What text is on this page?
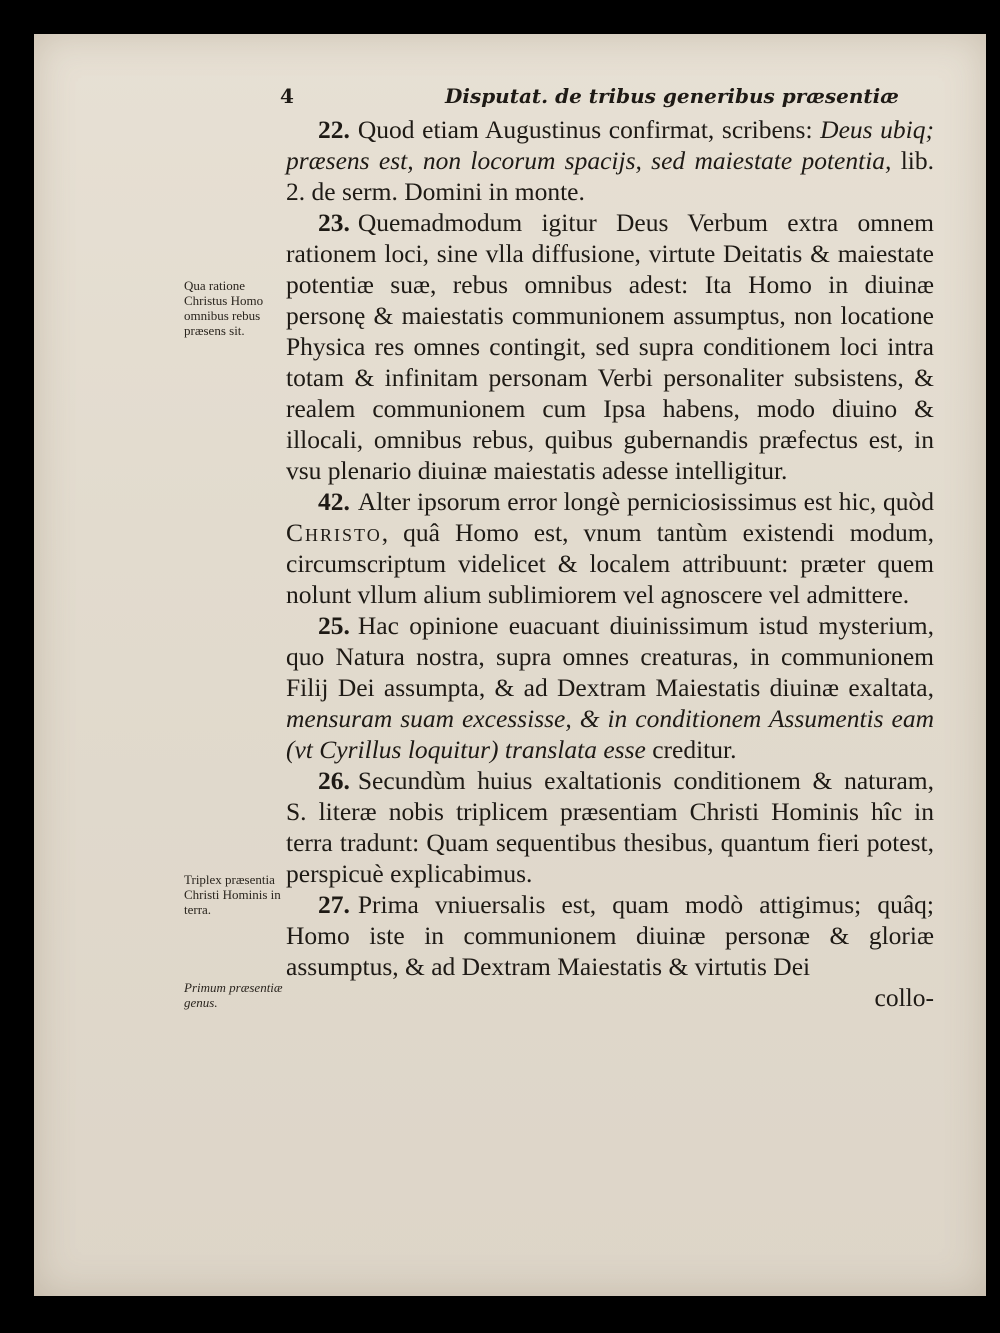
4	Disputat. de tribus generibus præsentiæ

22. Quod etiam Augustinus confirmat, scribens: Deus ubiq; præsens est, non locorum spacijs, sed maiestate potentia, lib. 2. de serm. Domini in monte.

23. Quemadmodum igitur Deus Verbum extra omnem rationem loci, sine vlla diffusione, virtute Deitatis & maiestate potentiæ suæ, rebus omnibus adest: Ita Homo in diuinæ personę & maiestatis communionem assumptus, non locatione Physica res omnes contingit, sed supra conditionem loci intra totam & infinitam personam Verbi personaliter subsistens, & realem communionem cum Ipsa habens, modo diuino & illocali, omnibus rebus, quibus gubernandis præfectus est, in vsu plenario diuinæ maiestatis adesse intelligitur.

42. Alter ipsorum error longè perniciosissimus est hic, quòd Christo, quâ Homo est, vnum tantùm existendi modum, circumscriptum videlicet & localem attribuunt: præter quem nolunt vllum alium sublimiorem vel agnoscere vel admittere.

25. Hac opinione euacuant diuinissimum istud mysterium, quo Natura nostra, supra omnes creaturas, in communionem Filij Dei assumpta, & ad Dextram Maiestatis diuinæ exaltata, mensuram suam excessisse, & in conditionem Assumentis eam (vt Cyrillus loquitur) translata esse creditur.

26. Secundùm huius exaltationis conditionem & naturam, S. literæ nobis triplicem præsentiam Christi Hominis hîc in terra tradunt: Quam sequentibus thesibus, quantum fieri potest, perspicuè explicabimus.

27. Prima vniuersalis est, quam modò attigimus; quâq; Homo iste in communionem diuinæ personæ & gloriæ assumptus, & ad Dextram Maiestatis & virtutis Dei
collo-

Qua ratione Christus Homo omnibus rebus præsens sit.
Triplex præsentia Christi Hominis in terra.
Primum præsentiæ genus.
